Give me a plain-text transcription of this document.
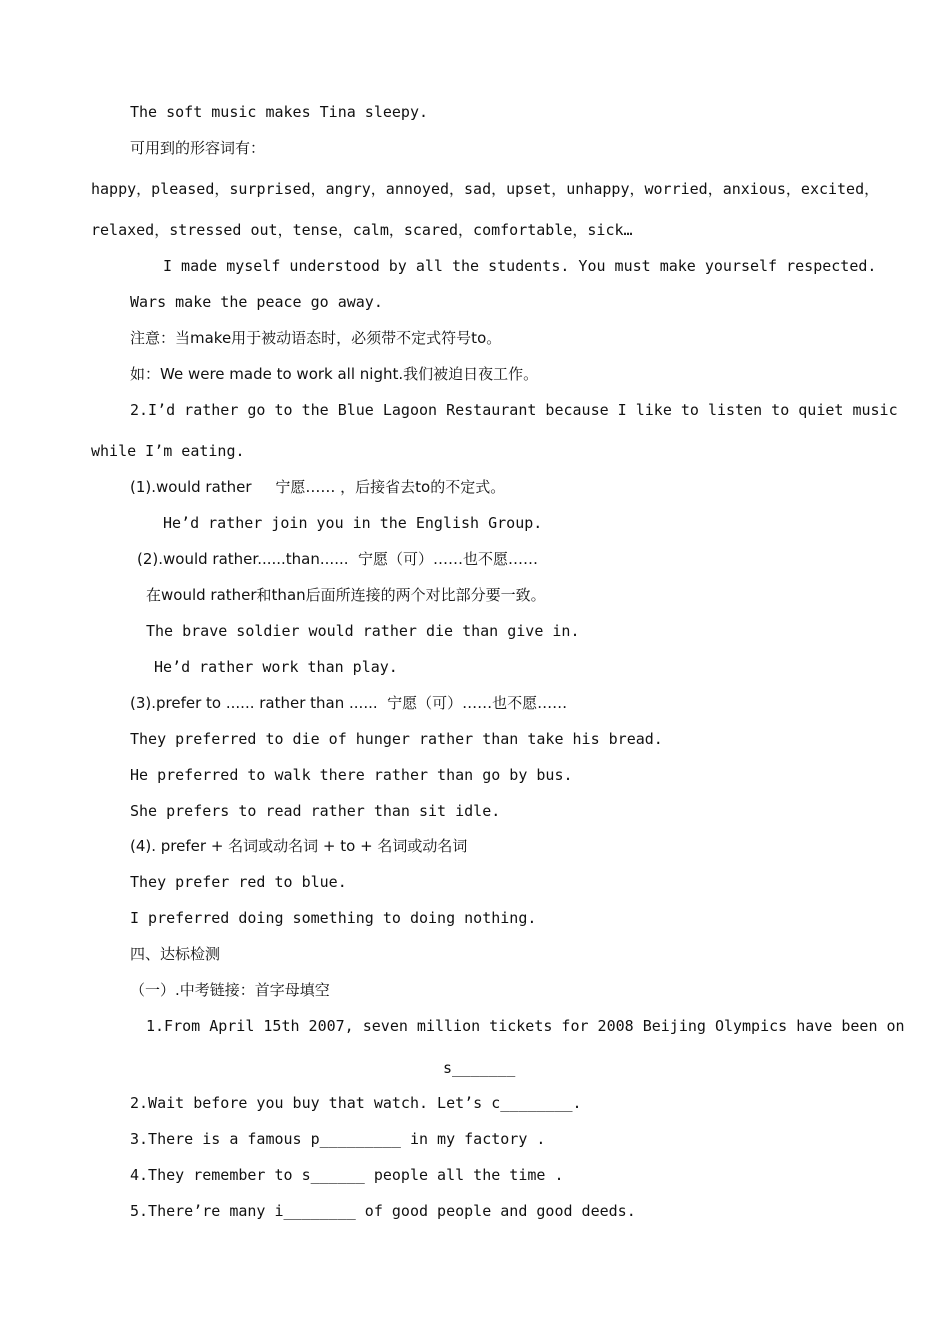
The soft music makes Tina sleepy.
可用到的形容词有：
happy，pleased，surprised，angry，annoyed，sad，upset，unhappy，worried，anxious，excited，
relaxed，stressed out，tense，calm，scared，comfortable，sick…
I made myself understood by all the students. You must make yourself respected.
Wars make the peace go away.
注意：当make用于被动语态时，必须带不定式符号to。
如：We were made to work all night.我们被迫日夜工作。
2.I’d rather go to the Blue Lagoon Restaurant because I like to listen to quiet music
while I’m eating.
(1).would rather     宁愿…… ，后接省去to的不定式。
He’d rather join you in the English Group.
(2).would rather......than......  宁愿（可）……也不愿……
在would rather和than后面所连接的两个对比部分要一致。
The brave soldier would rather die than give in.
He’d rather work than play.
(3).prefer to ...... rather than ......  宁愿（可）……也不愿……
They preferred to die of hunger rather than take his bread.
He preferred to walk there rather than go by bus.
She prefers to read rather than sit idle.
(4). prefer + 名词或动名词 + to + 名词或动名词
They prefer red to blue.
I preferred doing something to doing nothing.
四、达标检测
（一）.中考链接：首字母填空
1.From April 15th 2007, seven million tickets for 2008 Beijing Olympics have been on
s_______
2.Wait before you buy that watch. Let’s c________.
3.There is a famous p_________ in my factory .
4.They remember to s______ people all the time .
5.There’re many i________ of good people and good deeds.
